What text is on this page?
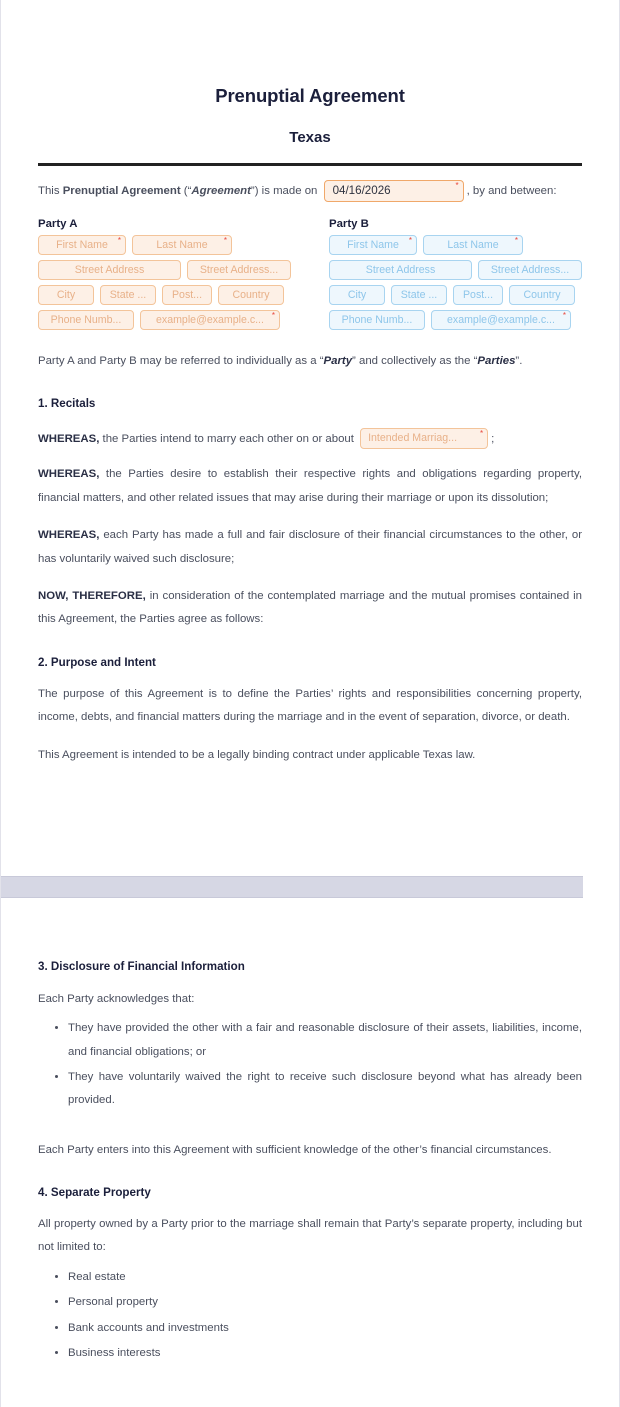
Prenuptial Agreement
Texas
This Prenuptial Agreement (“ Agreement ”) is made on 04/16/2026	* , by and between:
Party A
First Name *	Last Name *
Street Address	Street Address...
City	State ... Post...	Country
Phone Numb...	example@example.c... *
Party B
First Name *	Last Name *
Street Address	Street Address...
City	State ... Post...	Country
Phone Numb...	example@example.c... *

Party A and Party B may be referred to individually as a “Party” and collectively as the “Parties”.

1. Recitals
WHEREAS, the Parties intend to marry each other on or about Intended Marriag...	* ;

WHEREAS, the Parties desire to establish their respective rights and obligations regarding property, financial matters, and other related issues that may arise during their marriage or upon its dissolution;

WHEREAS, each Party has made a full and fair disclosure of their financial circumstances to the other, or has voluntarily waived such disclosure;

NOW, THEREFORE, in consideration of the contemplated marriage and the mutual promises contained in this Agreement, the Parties agree as follows:

2. Purpose and Intent

The purpose of this Agreement is to define the Parties’ rights and responsibilities concerning property, income, debts, and financial matters during the marriage and in the event of separation, divorce, or death.

This Agreement is intended to be a legally binding contract under applicable Texas law.

3. Disclosure of Financial Information

Each Party acknowledges that:

• They have provided the other with a fair and reasonable disclosure of their assets, liabilities, income, and financial obligations; or
• They have voluntarily waived the right to receive such disclosure beyond what has already been provided.

Each Party enters into this Agreement with sufficient knowledge of the other’s financial circumstances.

4. Separate Property

All property owned by a Party prior to the marriage shall remain that Party’s separate property, including but not limited to:

• Real estate
• Personal property
• Bank accounts and investments
• Business interests
